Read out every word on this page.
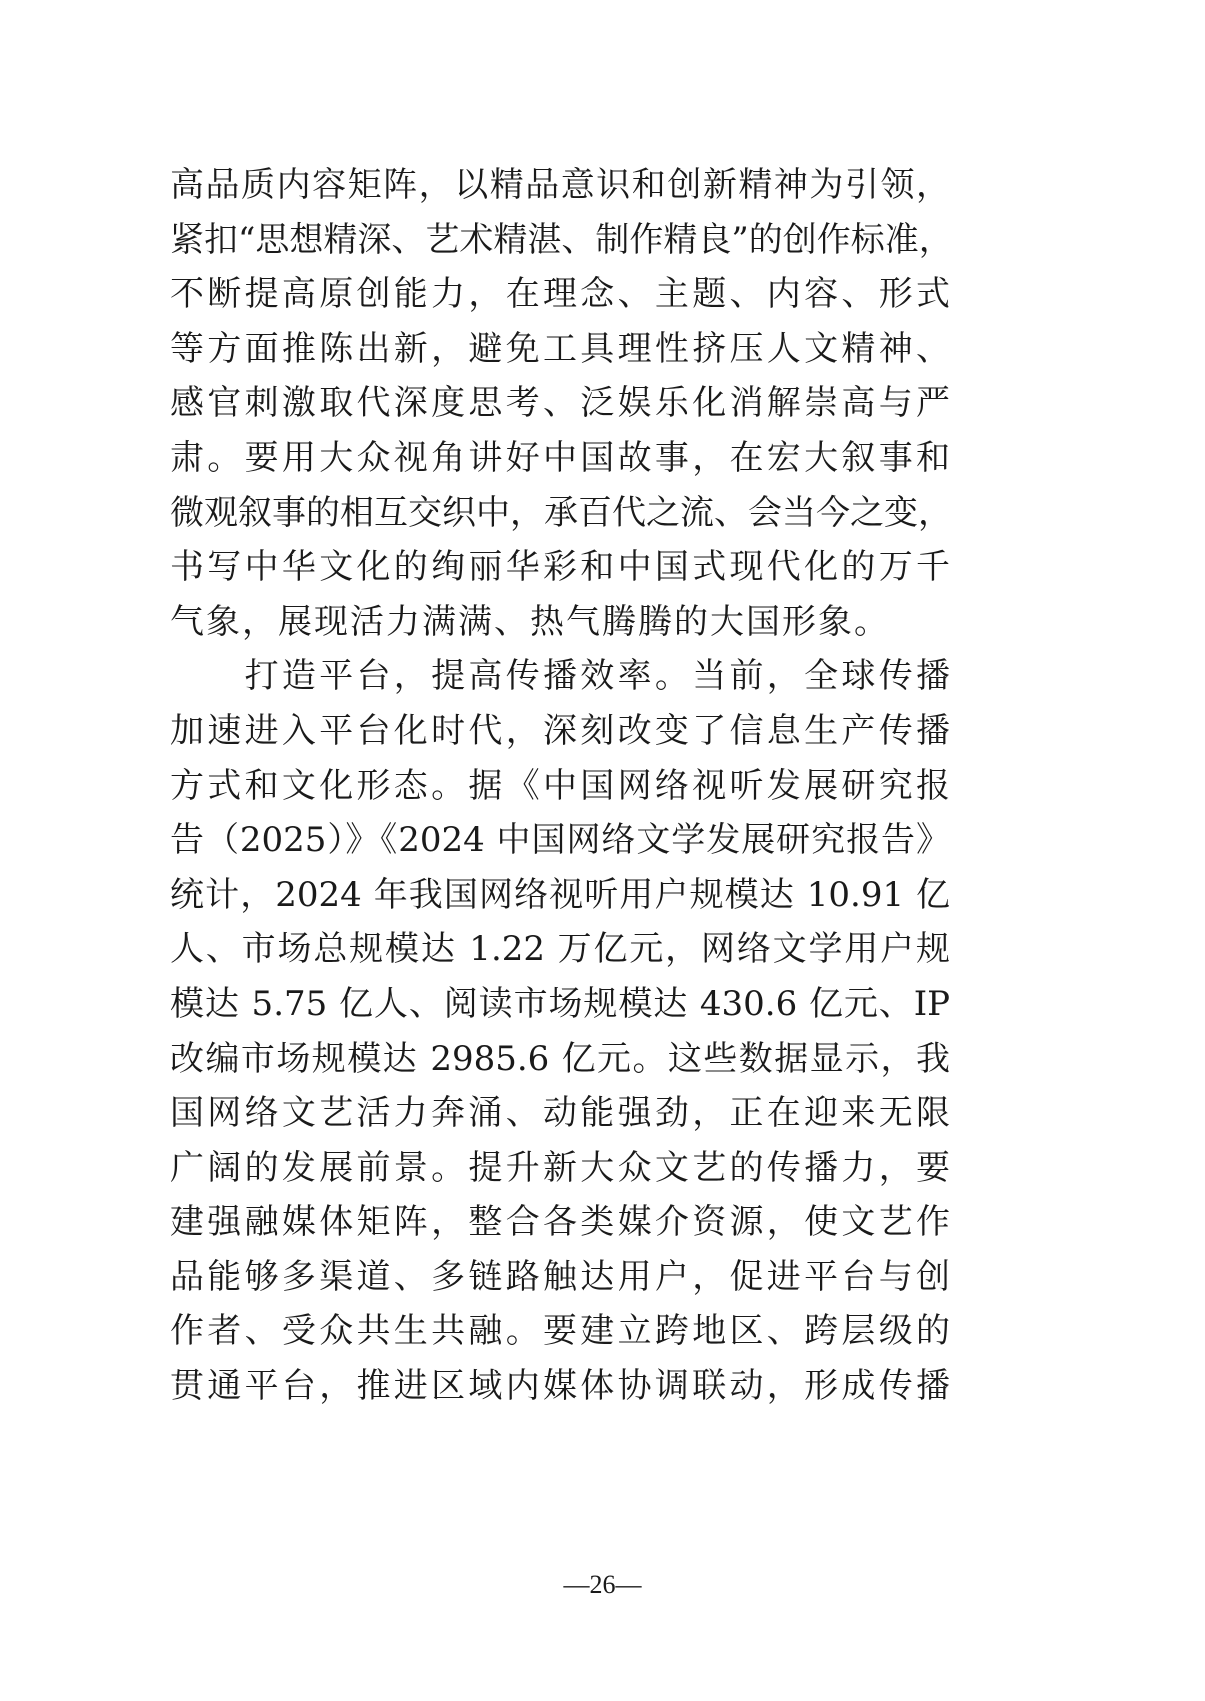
高品质内容矩阵，以精品意识和创新精神为引领，
紧扣“思想精深、艺术精湛、制作精良”的创作标准，
不断提高原创能力，在理念、主题、内容、形式
等方面推陈出新，避免工具理性挤压人文精神、
感官刺激取代深度思考、泛娱乐化消解崇高与严
肃。要用大众视角讲好中国故事，在宏大叙事和
微观叙事的相互交织中，承百代之流、会当今之变，
书写中华文化的绚丽华彩和中国式现代化的万千
气象，展现活力满满、热气腾腾的大国形象。
　　打造平台，提高传播效率。当前，全球传播
加速进入平台化时代，深刻改变了信息生产传播
方式和文化形态。据《中国网络视听发展研究报
告（2025）》《2024 中国网络文学发展研究报告》
统计，2024 年我国网络视听用户规模达 10.91 亿
人、市场总规模达 1.22 万亿元，网络文学用户规
模达 5.75 亿人、阅读市场规模达 430.6 亿元、IP
改编市场规模达 2985.6 亿元。这些数据显示，我
国网络文艺活力奔涌、动能强劲，正在迎来无限
广阔的发展前景。提升新大众文艺的传播力，要
建强融媒体矩阵，整合各类媒介资源，使文艺作
品能够多渠道、多链路触达用户，促进平台与创
作者、受众共生共融。要建立跨地区、跨层级的
贯通平台，推进区域内媒体协调联动，形成传播
—26—
